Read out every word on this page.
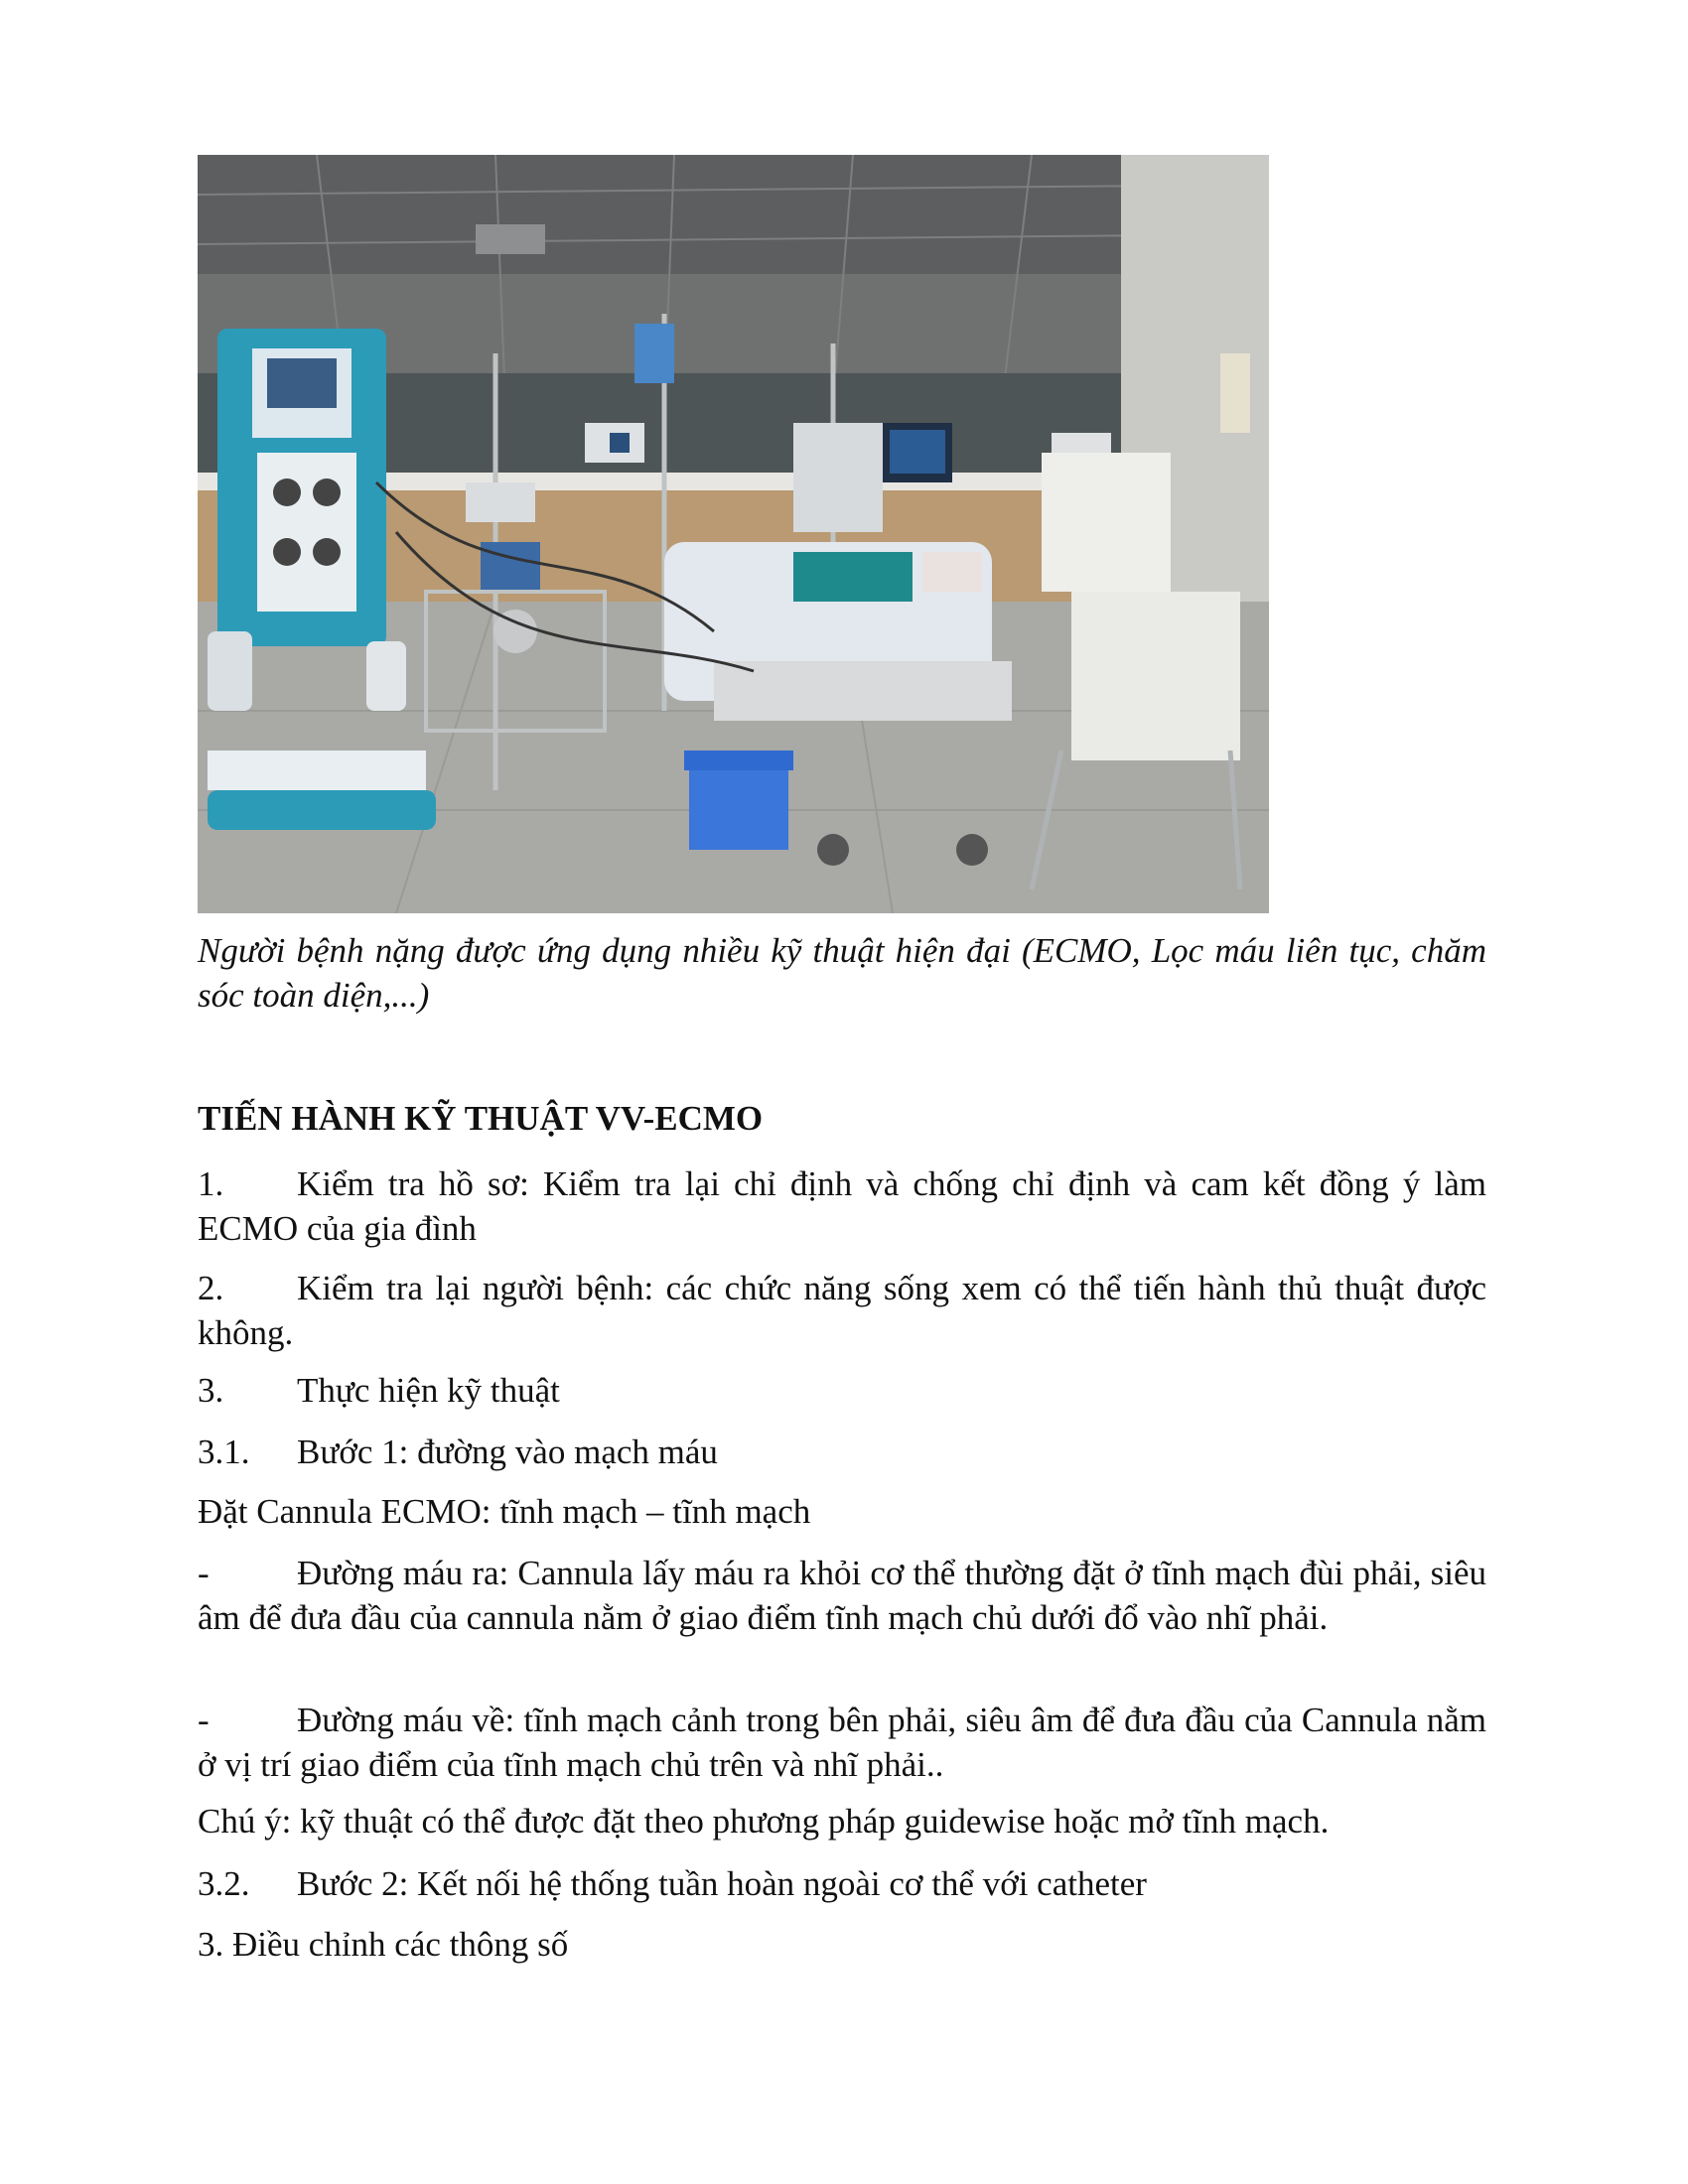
Người bệnh nặng được ứng dụng nhiều kỹ thuật hiện đại (ECMO, Lọc máu liên tục, chăm sóc toàn diện,...)
TIẾN HÀNH KỸ THUẬT VV-ECMO
1. Kiểm tra hồ sơ: Kiểm tra lại chỉ định và chống chỉ định và cam kết đồng ý làm ECMO của gia đình
2. Kiểm tra lại người bệnh: các chức năng sống xem có thể tiến hành thủ thuật được không.
3. Thực hiện kỹ thuật
3.1. Bước 1: đường vào mạch máu
Đặt Cannula ECMO: tĩnh mạch – tĩnh mạch
-	Đường máu ra: Cannula lấy máu ra khỏi cơ thể thường đặt ở tĩnh mạch đùi phải, siêu âm để đưa đầu của cannula nằm ở giao điểm tĩnh mạch chủ dưới đổ vào nhĩ phải.
-	Đường máu về: tĩnh mạch cảnh trong bên phải, siêu âm để đưa đầu của Cannula nằm ở vị trí giao điểm của tĩnh mạch chủ trên và nhĩ phải..
Chú ý: kỹ thuật có thể được đặt theo phương pháp guidewise hoặc mở tĩnh mạch.
3.2. Bước 2: Kết nối hệ thống tuần hoàn ngoài cơ thể với catheter
3. Điều chỉnh các thông số
